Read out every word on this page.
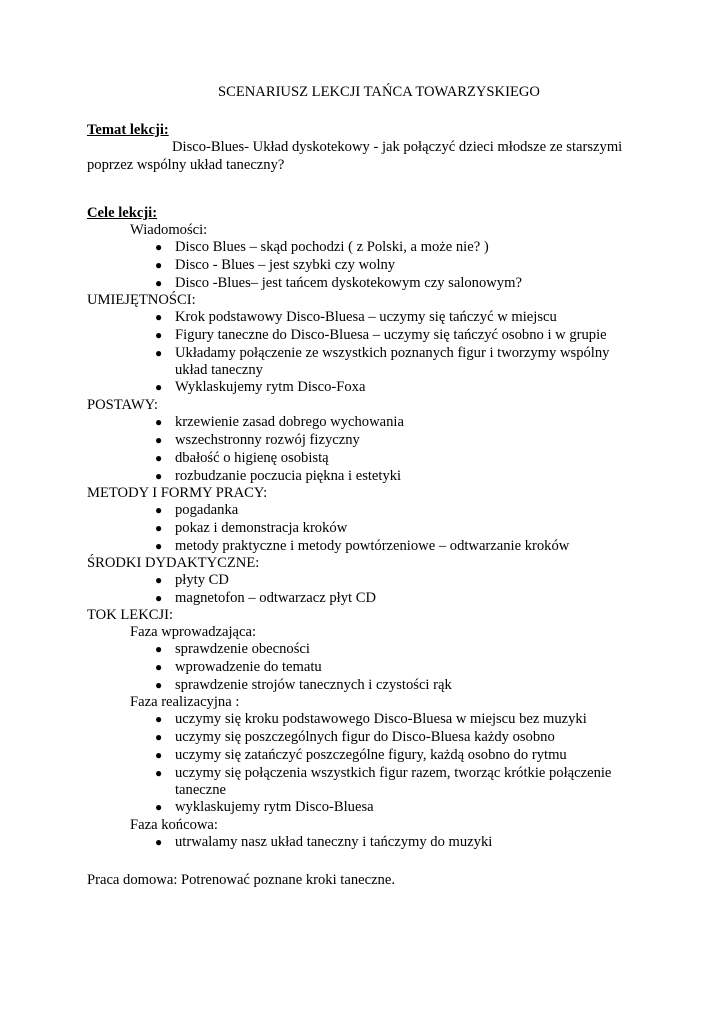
SCENARIUSZ LEKCJI TAŃCA TOWARZYSKIEGO
Temat lekcji:
Disco-Blues- Układ dyskotekowy - jak połączyć dzieci młodsze ze starszymi
poprzez wspólny układ taneczny?
Cele lekcji:
Wiadomości:
● Disco Blues – skąd pochodzi ( z Polski, a może nie? )
● Disco - Blues – jest szybki czy wolny
● Disco -Blues– jest tańcem dyskotekowym czy salonowym?
UMIEJĘTNOŚCI:
● Krok podstawowy Disco-Bluesa – uczymy się tańczyć w miejscu
● Figury taneczne do Disco-Bluesa – uczymy się tańczyć osobno i w grupie
● Układamy połączenie ze wszystkich poznanych figur i tworzymy wspólny układ taneczny
● Wyklaskujemy rytm Disco-Foxa
POSTAWY:
● krzewienie zasad dobrego wychowania
● wszechstronny rozwój fizyczny
● dbałość o higienę osobistą
● rozbudzanie poczucia piękna i estetyki
METODY I FORMY PRACY:
● pogadanka
● pokaz i demonstracja kroków
● metody praktyczne i metody powtórzeniowe – odtwarzanie kroków
ŚRODKI DYDAKTYCZNE:
● płyty CD
● magnetofon – odtwarzacz płyt CD
TOK LEKCJI:
Faza wprowadzająca:
● sprawdzenie obecności
● wprowadzenie do tematu
● sprawdzenie strojów tanecznych i czystości rąk
Faza realizacyjna :
● uczymy się kroku podstawowego Disco-Bluesa w miejscu bez muzyki
● uczymy się poszczególnych figur do Disco-Bluesa każdy osobno
● uczymy się zatańczyć poszczególne figury, każdą osobno do rytmu
● uczymy się połączenia wszystkich figur razem, tworząc krótkie połączenie taneczne
● wyklaskujemy rytm Disco-Bluesa
Faza końcowa:
● utrwalamy nasz układ taneczny i tańczymy do muzyki
Praca domowa: Potrenować poznane kroki taneczne.
